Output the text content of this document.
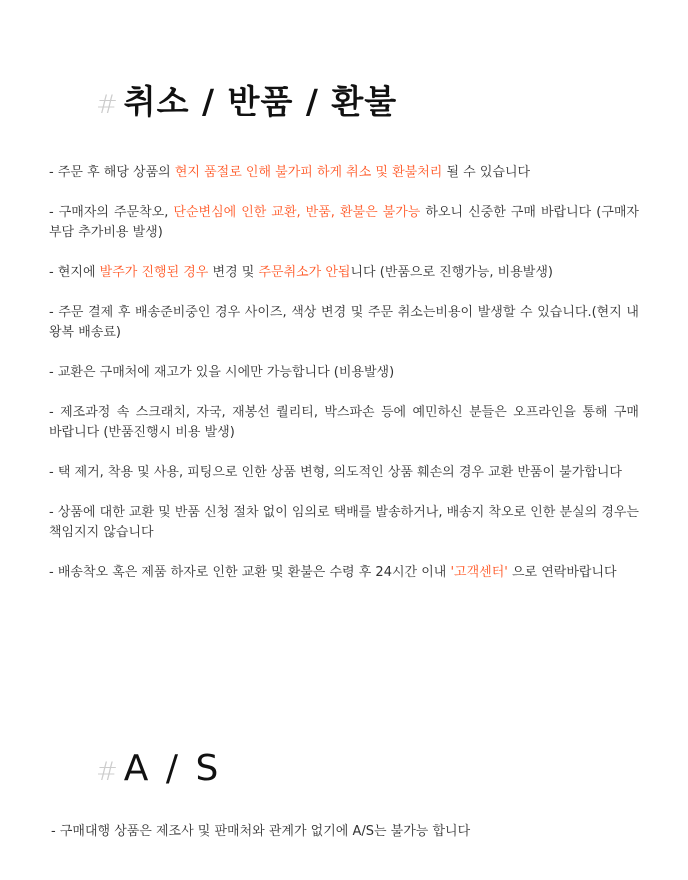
# 취소 / 반품 / 환불
- 주문 후 해당 상품의 현지 품절로 인해 불가피 하게 취소 및 환불처리 될 수 있습니다
- 구매자의 주문착오, 단순변심에 인한 교환, 반품, 환불은 불가능 하오니 신중한 구매 바랍니다 (구매자 부담 추가비용 발생)
- 현지에 발주가 진행된 경우 변경 및 주문취소가 안됩니다 (반품으로 진행가능, 비용발생)
- 주문 결제 후 배송준비중인 경우 사이즈, 색상 변경 및 주문 취소는비용이 발생할 수 있습니다.(현지 내 왕복 배송료)
- 교환은 구매처에 재고가 있을 시에만 가능합니다 (비용발생)
- 제조과정 속 스크래치, 자국, 재봉선 퀄리티, 박스파손 등에 예민하신 분들은 오프라인을 통해 구매 바랍니다 (반품진행시 비용 발생)
- 택 제거, 착용 및 사용, 피팅으로 인한 상품 변형, 의도적인 상품 훼손의 경우 교환 반품이 불가합니다
- 상품에 대한 교환 및 반품 신청 절차 없이 임의로 택배를 발송하거나, 배송지 착오로 인한 분실의 경우는 책임지지 않습니다
- 배송착오 혹은 제품 하자로 인한 교환 및 환불은 수령 후 24시간 이내 '고객센터' 으로 연락바랍니다
# A / S
- 구매대행 상품은 제조사 및 판매처와 관계가 없기에 A/S는 불가능 합니다
